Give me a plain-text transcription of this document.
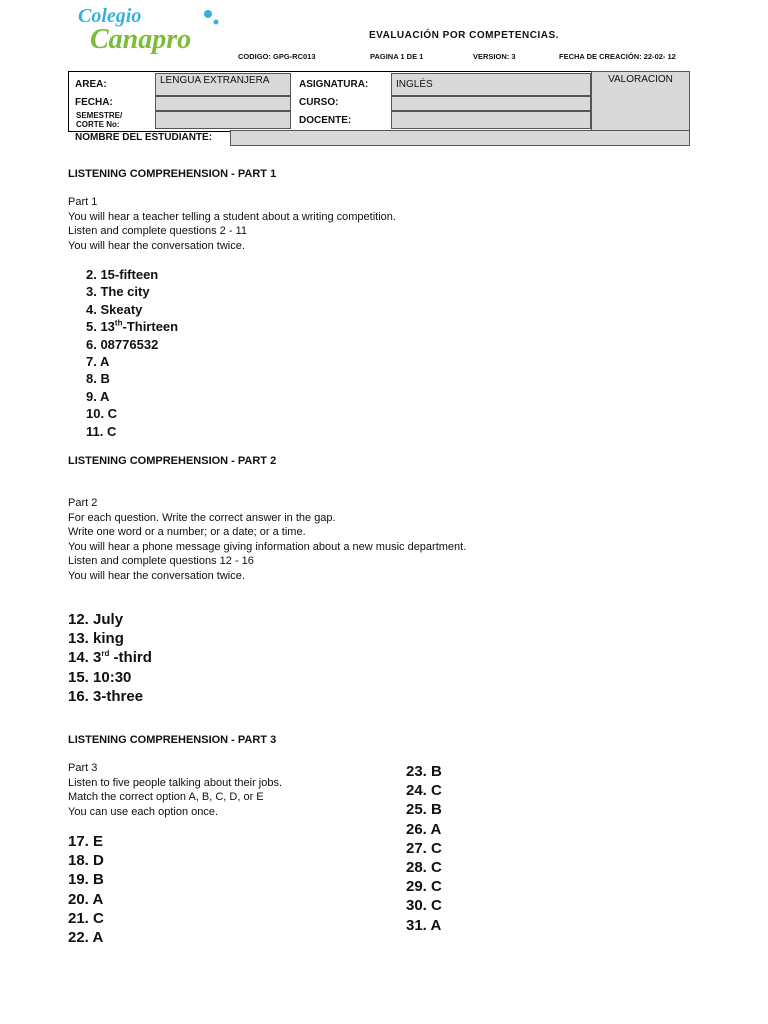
Colegio
Canapro	EVALUACIÓN POR COMPETENCIAS.
CODIGO: GPG-RC013	PAGINA 1 DE 1	VERSION: 3	FECHA DE CREACIÓN: 22-02- 12
AREA:	LENGUA EXTRANJERA
FECHA:
SEMESTRE/
CORTE No:
ASIGNATURA:	INGLÉS
CURSO:
DOCENTE:
VALORACION
NOMBRE DEL ESTUDIANTE:
LISTENING COMPREHENSION - PART 1
Part 1
You will hear a teacher telling a student about a writing competition.
Listen and complete questions 2 - 11
You will hear the conversation twice.
2. 15-fifteen
3. The city
4. Skeaty
5. 13th-Thirteen
6. 08776532
7. A
8. B
9. A
10. C
11. C
LISTENING COMPREHENSION - PART 2
Part 2
For each question. Write the correct answer in the gap.
Write one word or a number; or a date; or a time.
You will hear a phone message giving information about a new music department.
Listen and complete questions 12 - 16
You will hear the conversation twice.
12. July
13. king
14. 3rd -third
15. 10:30
16. 3-three
LISTENING COMPREHENSION - PART 3
Part 3
Listen to five people talking about their jobs.
Match the correct option A, B, C, D, or E
You can use each option once.
17. E
18. D
19. B
20. A
21. C
22. A
23. B
24. C
25. B
26. A
27. C
28. C
29. C
30. C
31. A
